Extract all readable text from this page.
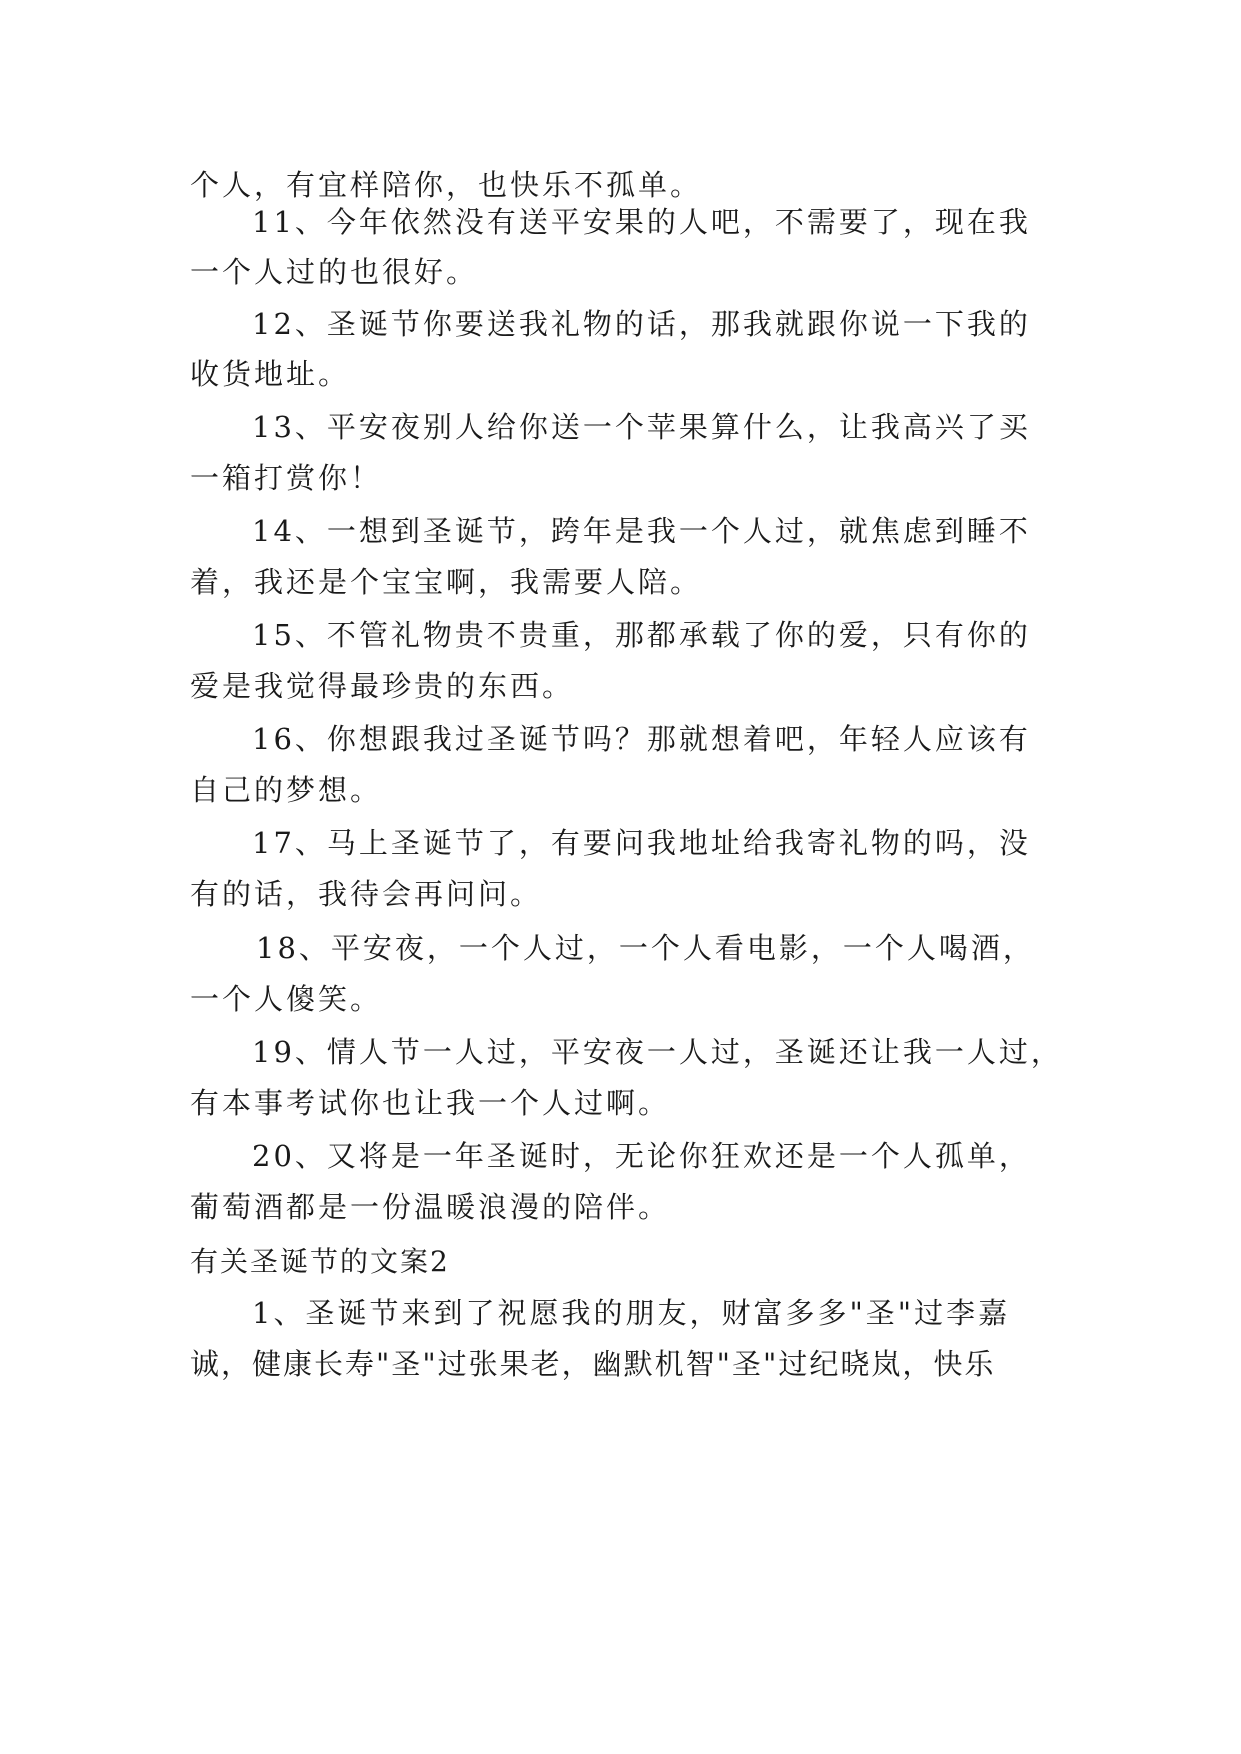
个人，有宜样陪你，也快乐不孤单。
11、今年依然没有送平安果的人吧，不需要了，现在我
一个人过的也很好。
12、圣诞节你要送我礼物的话，那我就跟你说一下我的
收货地址。
13、平安夜别人给你送一个苹果算什么，让我高兴了买
一箱打赏你！
14、一想到圣诞节，跨年是我一个人过，就焦虑到睡不
着，我还是个宝宝啊，我需要人陪。
15、不管礼物贵不贵重，那都承载了你的爱，只有你的
爱是我觉得最珍贵的东西。
16、你想跟我过圣诞节吗？那就想着吧，年轻人应该有
自己的梦想。
17、马上圣诞节了，有要问我地址给我寄礼物的吗，没
有的话，我待会再问问。
18、平安夜，一个人过，一个人看电影，一个人喝酒，
一个人傻笑。
19、情人节一人过，平安夜一人过，圣诞还让我一人过，
有本事考试你也让我一个人过啊。
20、又将是一年圣诞时，无论你狂欢还是一个人孤单，
葡萄酒都是一份温暖浪漫的陪伴。
有关圣诞节的文案2
1、圣诞节来到了祝愿我的朋友，财富多多"圣"过李嘉
诚，健康长寿"圣"过张果老，幽默机智"圣"过纪晓岚，快乐
